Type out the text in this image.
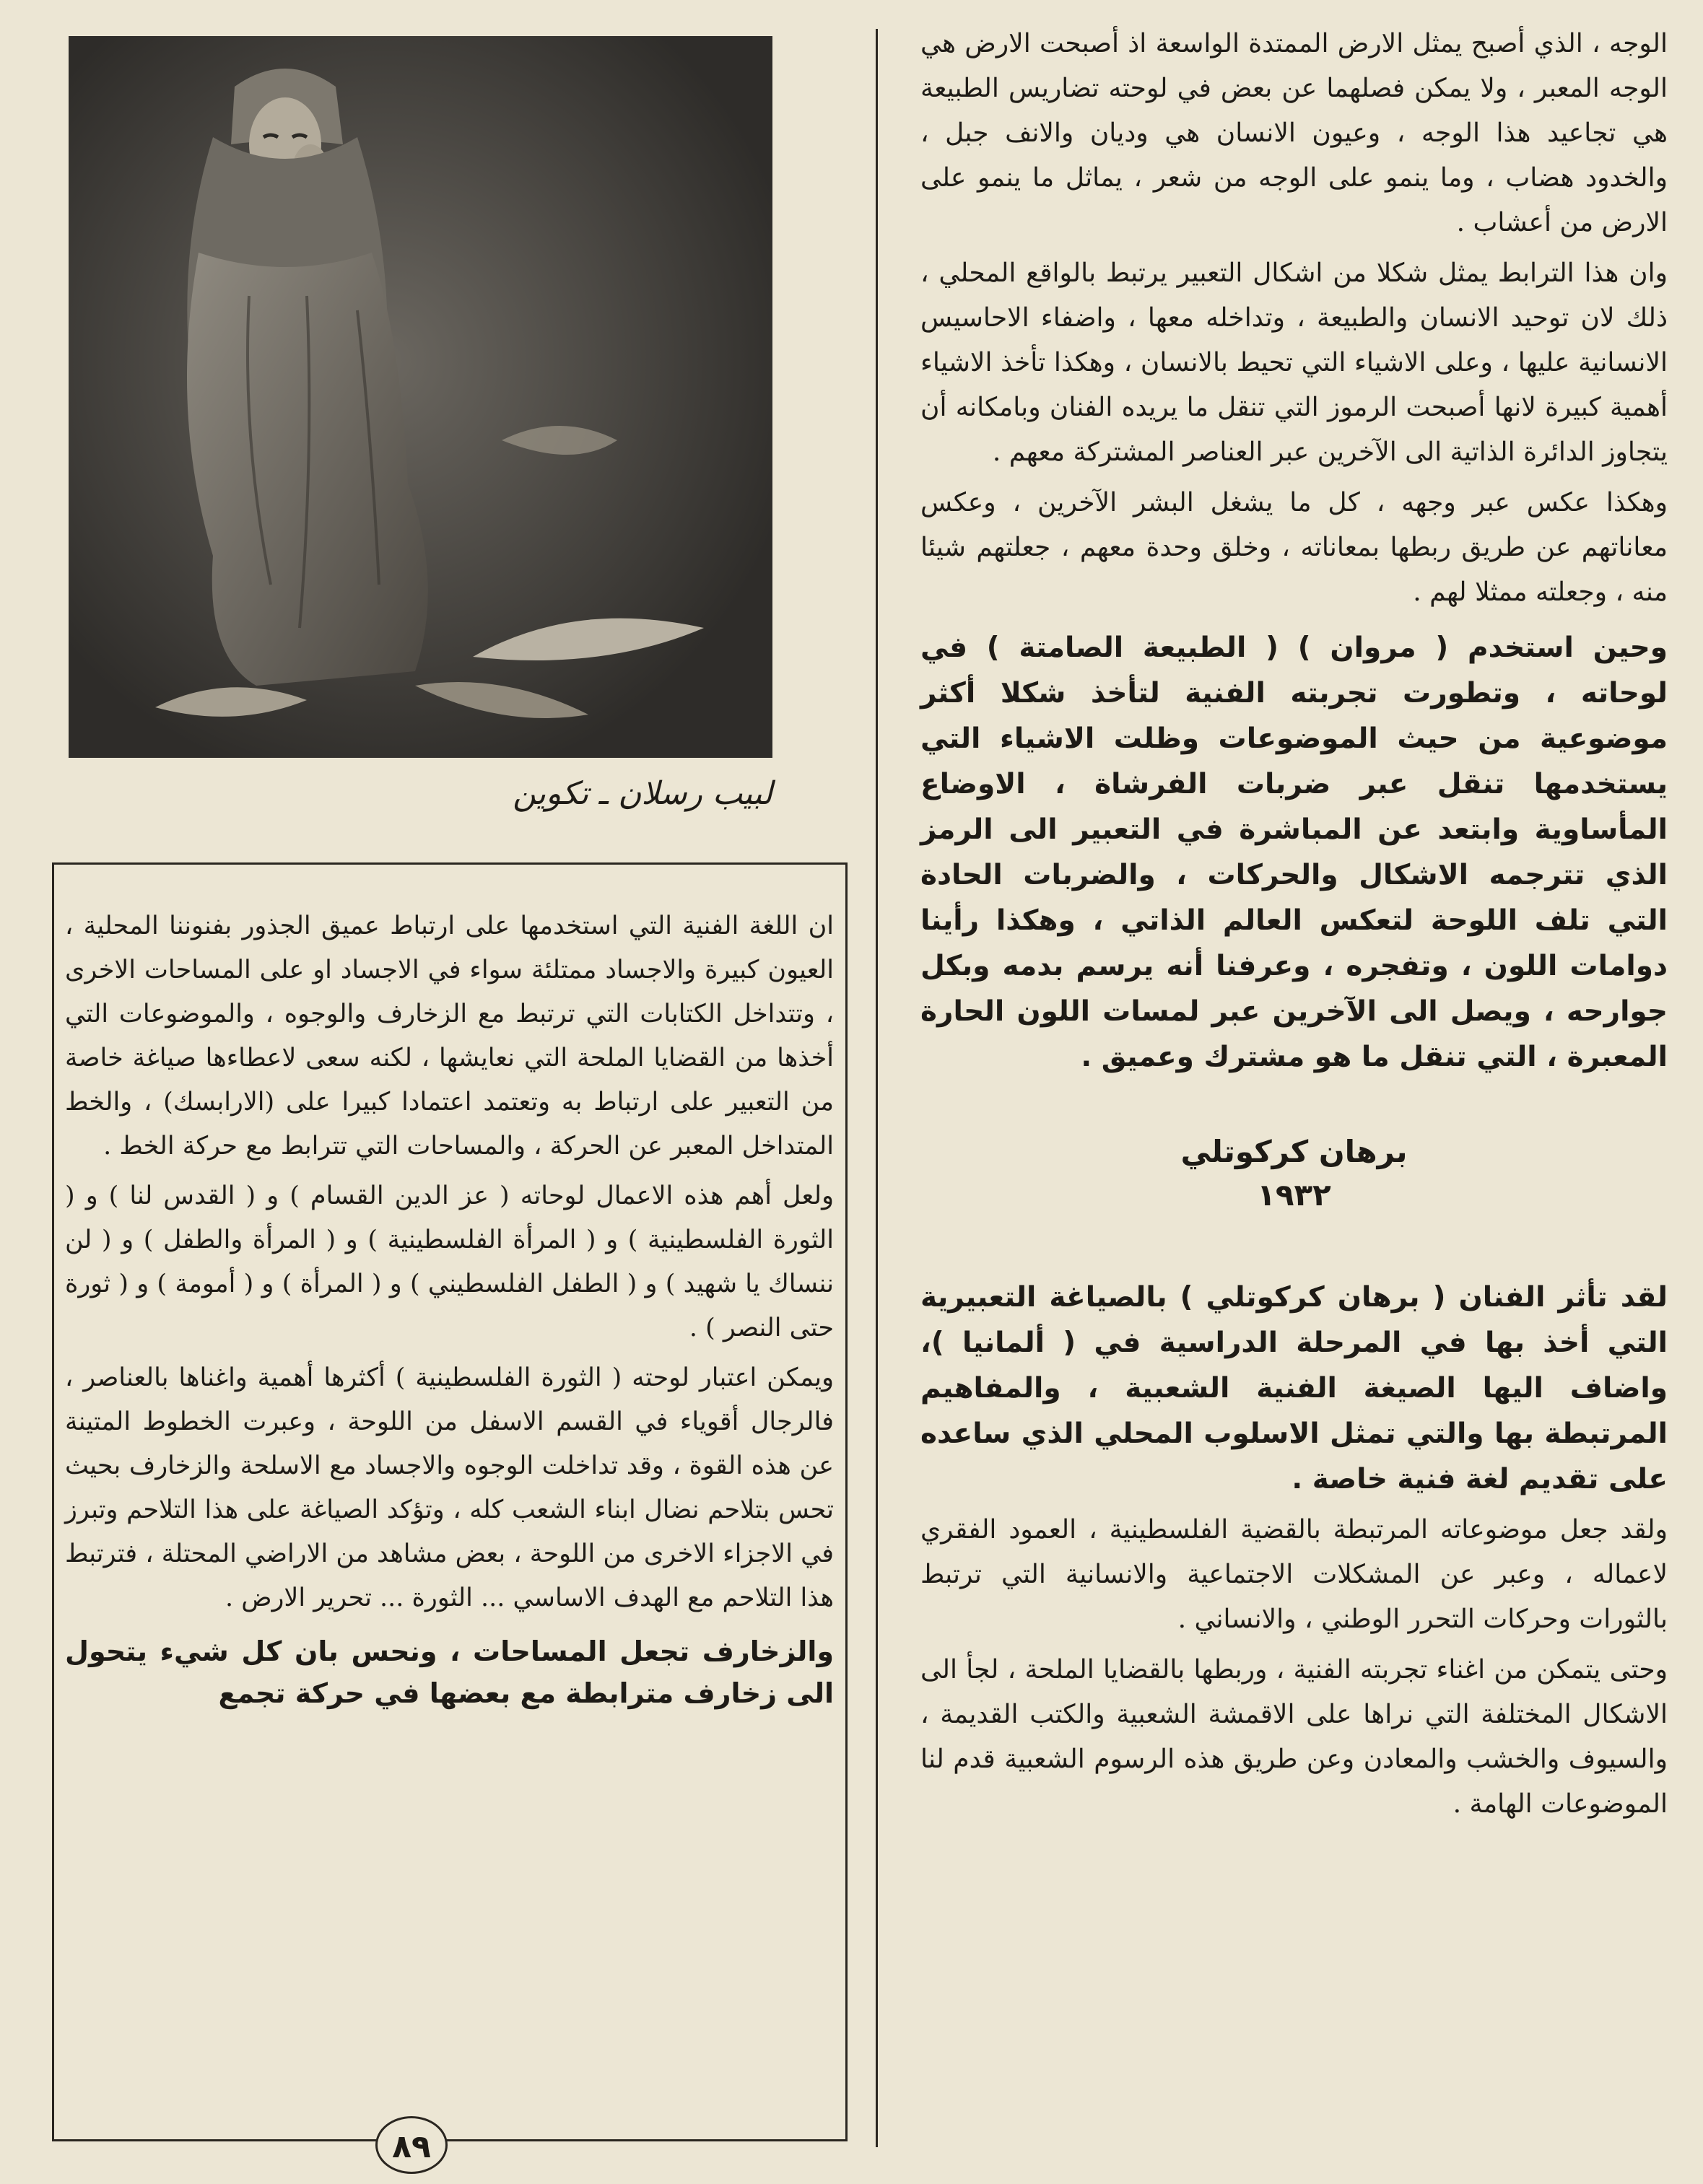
الوجه ، الذي أصبح يمثل الارض الممتدة الواسعة اذ أصبحت الارض هي الوجه المعبر ، ولا يمكن فصلهما عن بعض في لوحته تضاريس الطبيعة هي تجاعيد هذا الوجه ، وعيون الانسان هي وديان والانف جبل ، والخدود هضاب ، وما ينمو على الوجه من شعر ، يماثل ما ينمو على الارض من أعشاب .

وان هذا الترابط يمثل شكلا من اشكال التعبير يرتبط بالواقع المحلي ، ذلك لان توحيد الانسان والطبيعة ، وتداخله معها ، واضفاء الاحاسيس الانسانية عليها ، وعلى الاشياء التي تحيط بالانسان ، وهكذا تأخذ الاشياء أهمية كبيرة لانها أصبحت الرموز التي تنقل ما يريده الفنان وبامكانه أن يتجاوز الدائرة الذاتية الى الآخرين عبر العناصر المشتركة معهم .

وهكذا عكس عبر وجهه ، كل ما يشغل البشر الآخرين ، وعكس معاناتهم عن طريق ربطها بمعاناته ، وخلق وحدة معهم ، جعلتهم شيئا منه ، وجعلته ممثلا لهم .

وحين استخدم ( مروان ) ( الطبيعة الصامتة ) في لوحاته ، وتطورت تجربته الفنية لتأخذ شكلا أكثر موضوعية من حيث الموضوعات وظلت الاشياء التي يستخدمها تنقل عبر ضربات الفرشاة ، الاوضاع المأساوية وابتعد عن المباشرة في التعبير الى الرمز الذي تترجمه الاشكال والحركات ، والضربات الحادة التي تلف اللوحة لتعكس العالم الذاتي ، وهكذا رأينا دوامات اللون ، وتفجره ، وعرفنا أنه يرسم بدمه وبكل جوارحه ، ويصل الى الآخرين عبر لمسات اللون الحارة المعبرة ، التي تنقل ما هو مشترك وعميق .

برهان كركوتلي
١٩٣٢

لقد تأثر الفنان ( برهان كركوتلي ) بالصياغة التعبيرية التي أخذ بها في المرحلة الدراسية في ( ألمانيا )، واضاف اليها الصيغة الفنية الشعبية ، والمفاهيم المرتبطة بها والتي تمثل الاسلوب المحلي الذي ساعده على تقديم لغة فنية خاصة .

ولقد جعل موضوعاته المرتبطة بالقضية الفلسطينية ، العمود الفقري لاعماله ، وعبر عن المشكلات الاجتماعية والانسانية التي ترتبط بالثورات وحركات التحرر الوطني ، والانساني .

وحتى يتمكن من اغناء تجربته الفنية ، وربطها بالقضايا الملحة ، لجأ الى الاشكال المختلفة التي نراها على الاقمشة الشعبية والكتب القديمة ، والسيوف والخشب والمعادن وعن طريق هذه الرسوم الشعبية قدم لنا الموضوعات الهامة .

لبيب رسلان ـ تكوين

ان اللغة الفنية التي استخدمها على ارتباط عميق الجذور بفنوننا المحلية ، العيون كبيرة والاجساد ممتلئة سواء في الاجساد او على المساحات الاخرى ، وتتداخل الكتابات التي ترتبط مع الزخارف والوجوه ، والموضوعات التي أخذها من القضايا الملحة التي نعايشها ، لكنه سعى لاعطاءها صياغة خاصة من التعبير على ارتباط به وتعتمد اعتمادا كبيرا على (الارابسك) ، والخط المتداخل المعبر عن الحركة ، والمساحات التي تترابط مع حركة الخط .

ولعل أهم هذه الاعمال لوحاته ( عز الدين القسام ) و ( القدس لنا ) و ( الثورة الفلسطينية ) و ( المرأة الفلسطينية ) و ( المرأة والطفل ) و ( لن ننساك يا شهيد ) و ( الطفل الفلسطيني ) و ( المرأة ) و ( أمومة ) و ( ثورة حتى النصر ) .

ويمكن اعتبار لوحته ( الثورة الفلسطينية ) أكثرها أهمية واغناها بالعناصر ، فالرجال أقوياء في القسم الاسفل من اللوحة ، وعبرت الخطوط المتينة عن هذه القوة ، وقد تداخلت الوجوه والاجساد مع الاسلحة والزخارف بحيث تحس بتلاحم نضال ابناء الشعب كله ، وتؤكد الصياغة على هذا التلاحم وتبرز في الاجزاء الاخرى من اللوحة ، بعض مشاهد من الاراضي المحتلة ، فترتبط هذا التلاحم مع الهدف الاساسي ... الثورة ... تحرير الارض .

والزخارف تجعل المساحات ، ونحس بان كل شيء يتحول الى زخارف مترابطة مع بعضها في حركة تجمع

٨٩
